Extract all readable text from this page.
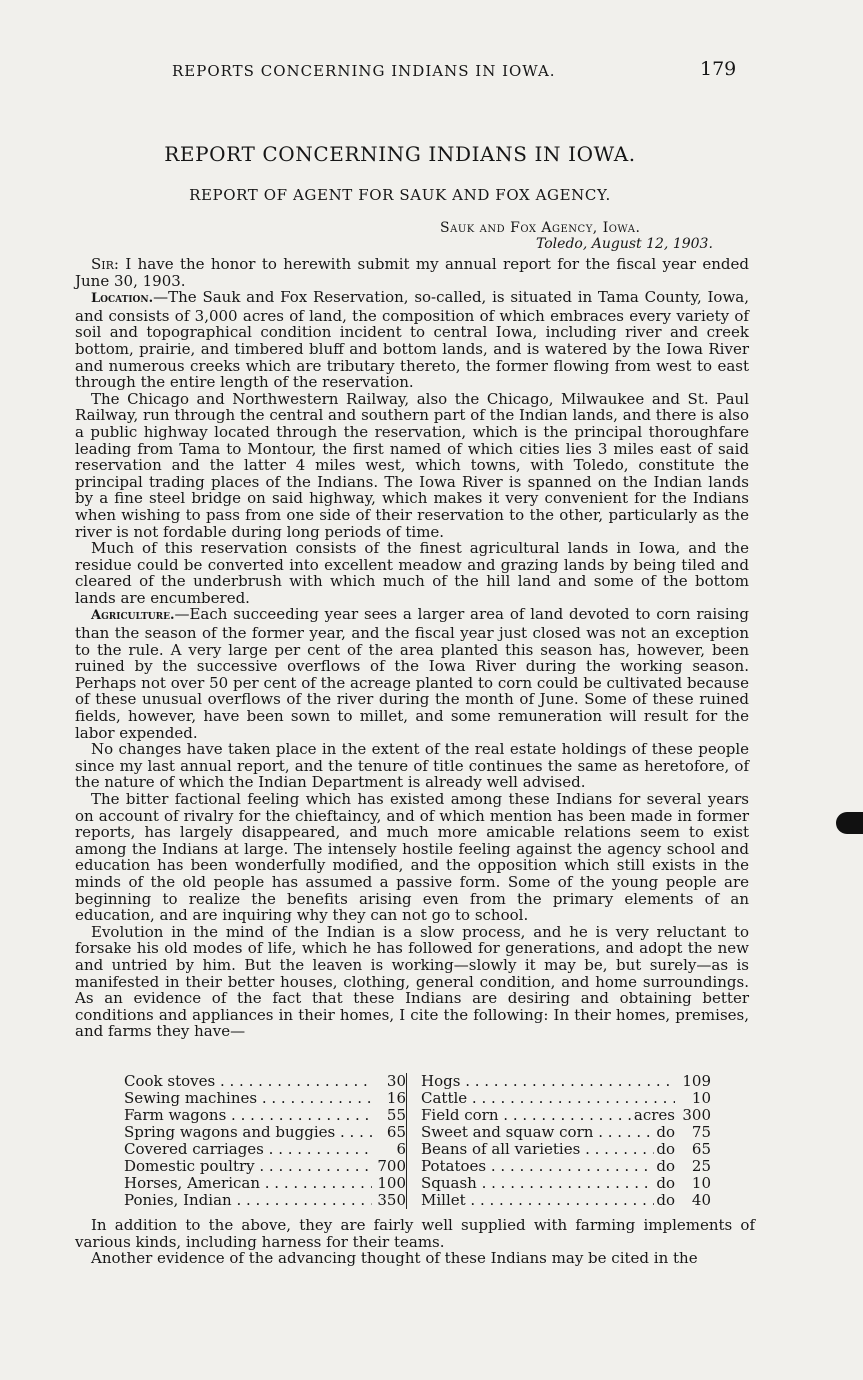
REPORTS CONCERNING INDIANS IN IOWA.	179
REPORT CONCERNING INDIANS IN IOWA.
REPORT OF AGENT FOR SAUK AND FOX AGENCY.
Sauk and Fox Agency, Iowa.
Toledo, August 12, 1903.

Sir: I have the honor to herewith submit my annual report for the fiscal year ended June 30, 1903.

Location.—The Sauk and Fox Reservation, so-called, is situated in Tama County, Iowa, and consists of 3,000 acres of land, the composition of which embraces every variety of soil and topographical condition incident to central Iowa, including river and creek bottom, prairie, and timbered bluff and bottom lands, and is watered by the Iowa River and numerous creeks which are tributary thereto, the former flowing from west to east through the entire length of the reservation.

The Chicago and Northwestern Railway, also the Chicago, Milwaukee and St. Paul Railway, run through the central and southern part of the Indian lands, and there is also a public highway located through the reservation, which is the principal thoroughfare leading from Tama to Montour, the first named of which cities lies 3 miles east of said reservation and the latter 4 miles west, which towns, with Toledo, constitute the principal trading places of the Indians. The Iowa River is spanned on the Indian lands by a fine steel bridge on said highway, which makes it very convenient for the Indians when wishing to pass from one side of their reservation to the other, particularly as the river is not fordable during long periods of time.

Much of this reservation consists of the finest agricultural lands in Iowa, and the residue could be converted into excellent meadow and grazing lands by being tiled and cleared of the underbrush with which much of the hill land and some of the bottom lands are encumbered.

Agriculture.—Each succeeding year sees a larger area of land devoted to corn raising than the season of the former year, and the fiscal year just closed was not an exception to the rule. A very large per cent of the area planted this season has, however, been ruined by the successive overflows of the Iowa River during the working season. Perhaps not over 50 per cent of the acreage planted to corn could be cultivated because of these unusual overflows of the river during the month of June. Some of these ruined fields, however, have been sown to millet, and some remuneration will result for the labor expended.

No changes have taken place in the extent of the real estate holdings of these people since my last annual report, and the tenure of title continues the same as heretofore, of the nature of which the Indian Department is already well advised.

The bitter factional feeling which has existed among these Indians for several years on account of rivalry for the chieftaincy, and of which mention has been made in former reports, has largely disappeared, and much more amicable relations seem to exist among the Indians at large. The intensely hostile feeling against the agency school and education has been wonderfully modified, and the opposition which still exists in the minds of the old people has assumed a passive form. Some of the young people are beginning to realize the benefits arising even from the primary elements of an education, and are inquiring why they can not go to school.

Evolution in the mind of the Indian is a slow process, and he is very reluctant to forsake his old modes of life, which he has followed for generations, and adopt the new and untried by him. But the leaven is working—slowly it may be, but surely—as is manifested in their better houses, clothing, general condition, and home surroundings. As an evidence of the fact that these Indians are desiring and obtaining better conditions and appliances in their homes, I cite the following: In their homes, premises, and farms they have—

Cook stoves . . .	30
Sewing machines . . .	16
Farm wagons . . .	55
Spring wagons and buggies . . .	65
Covered carriages . . .	6
Domestic poultry . . .	700
Horses, American . . .	100
Ponies, Indian . . .	350
Hogs . . .	109
Cattle . . .	10
Field corn . . .	acres 300
Sweet and squaw corn . . .	do	75
Beans of all varieties . . .	do	65
Potatoes . . .	do	25
Squash . . .	do	10
Millet . . .	do	40

In addition to the above, they are fairly well supplied with farming implements of various kinds, including harness for their teams.

Another evidence of the advancing thought of these Indians may be cited in the
